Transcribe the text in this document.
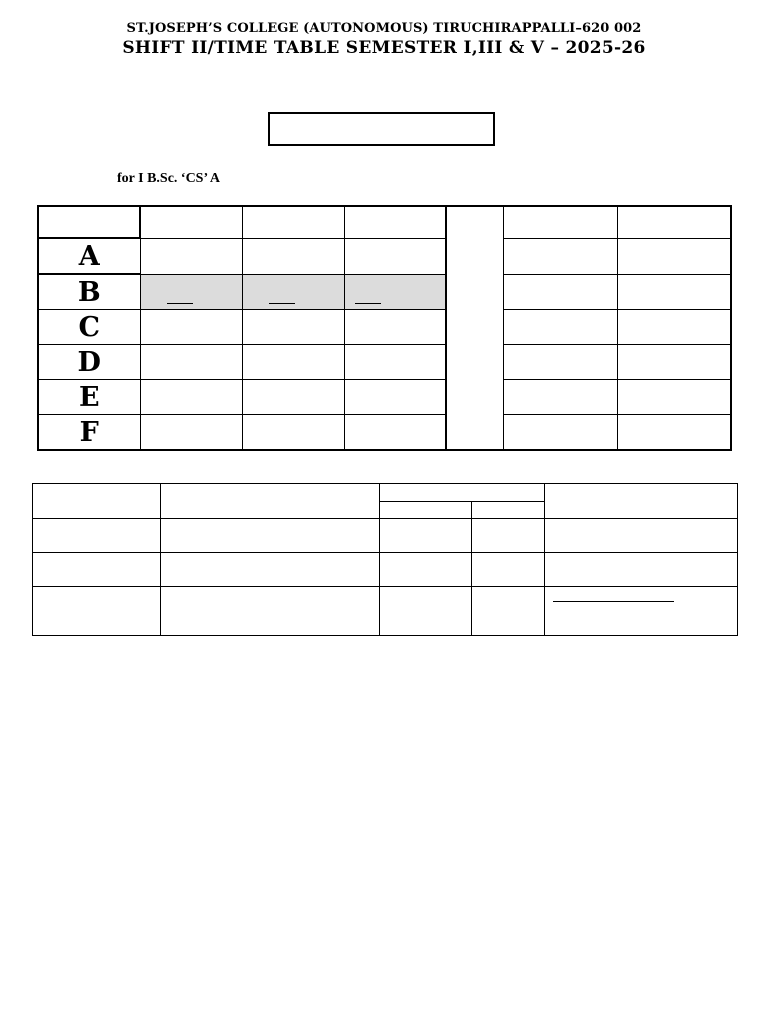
ST.JOSEPH’S COLLEGE (AUTONOMOUS) TIRUCHIRAPPALLI–620 002
SHIFT II/TIME TABLE SEMESTER I,III & V – 2025-26
for I B.Sc. ‘CS’ A

A						
B		

C						
D						
E						
F						
